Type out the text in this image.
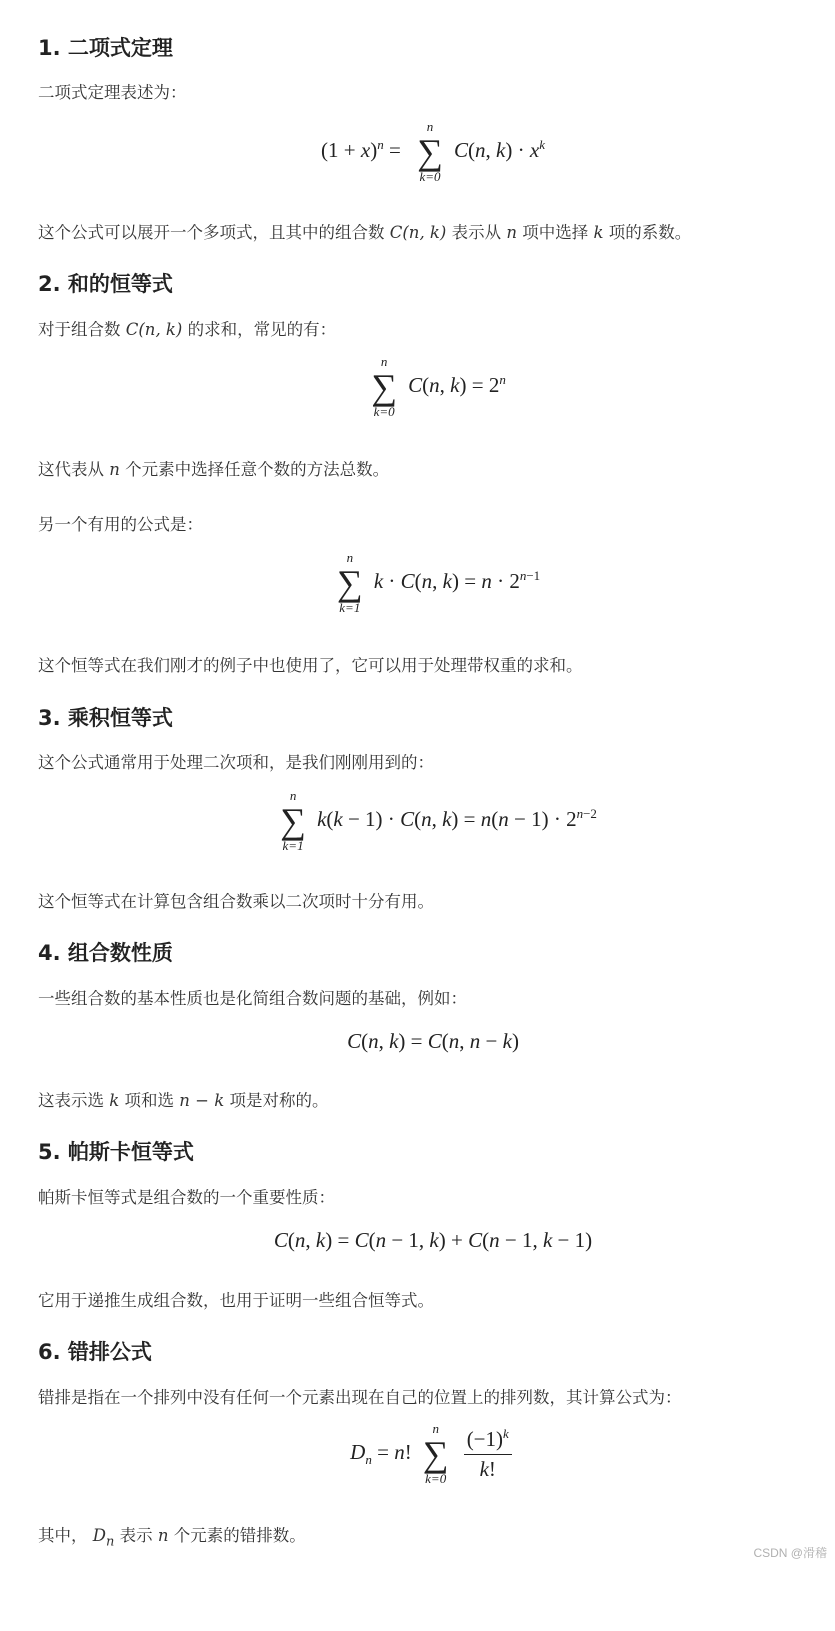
1. 二项式定理

二项式定理表述为：

$(1 + x)^n$ =
n
∑
k=0
C(n, $k) \cdot x^k$

这个公式可以展开一个多项式，且其中的组合数 C(n, k) 表示从 n 项中选择 k 项的系数。

2. 和的恒等式

对于组合数 C(n, k) 的求和，常见的有：

n
∑
k=0
C(n, $k) = 2^n$

这代表从 n 个元素中选择任意个数的方法总数。

另一个有用的公式是：

n
∑
k=1
k · C(n, $k) = n \cdot 2^{n-1}$

这个恒等式在我们刚才的例子中也使用了，它可以用于处理带权重的求和。

3. 乘积恒等式

这个公式通常用于处理二次项和，是我们刚刚用到的：

n
∑
k=1
k(k − 1) · C(n, $k) = n(n - 1) \cdot 2^{n-2}$

这个恒等式在计算包含组合数乘以二次项时十分有用。

4. 组合数性质

一些组合数的基本性质也是化简组合数问题的基础，例如：

C(n, k) = C(n, n − k)

这表示选 k 项和选 n − k 项是对称的。

5. 帕斯卡恒等式

帕斯卡恒等式是组合数的一个重要性质：

C(n, k) = C(n − 1, k) + C(n − 1, k − 1)

它用于递推生成组合数，也用于证明一些组合恒等式。

6. 错排公式

错排是指在一个排列中没有任何一个元素出现在自己的位置上的排列数，其计算公式为：

$D_n = n$!
n
∑
$k=0 \frac{(-1)^k}{k!}$

其中， $D_n$ 表示 n 个元素的错排数。

CSDN @滑稽
